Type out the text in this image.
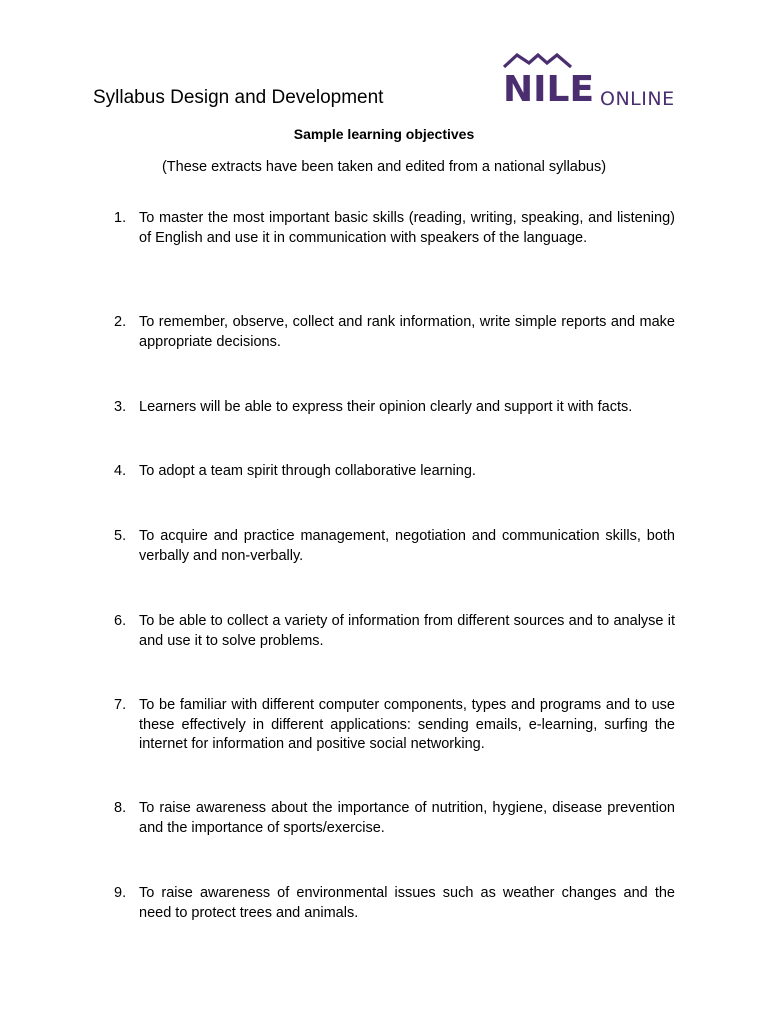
Syllabus Design and Development	NILE ONLINE
Sample learning objectives
(These extracts have been taken and edited from a national syllabus)
1. To master the most important basic skills (reading, writing, speaking, and listening) of English and use it in communication with speakers of the language.
2. To remember, observe, collect and rank information, write simple reports and make appropriate decisions.
3. Learners will be able to express their opinion clearly and support it with facts.
4. To adopt a team spirit through collaborative learning.
5. To acquire and practice management, negotiation and communication skills, both verbally and non-verbally.
6. To be able to collect a variety of information from different sources and to analyse it and use it to solve problems.
7. To be familiar with different computer components, types and programs and to use these effectively in different applications: sending emails, e-learning, surfing the internet for information and positive social networking.
8. To raise awareness about the importance of nutrition, hygiene, disease prevention and the importance of sports/exercise.
9. To raise awareness of environmental issues such as weather changes and the need to protect trees and animals.
